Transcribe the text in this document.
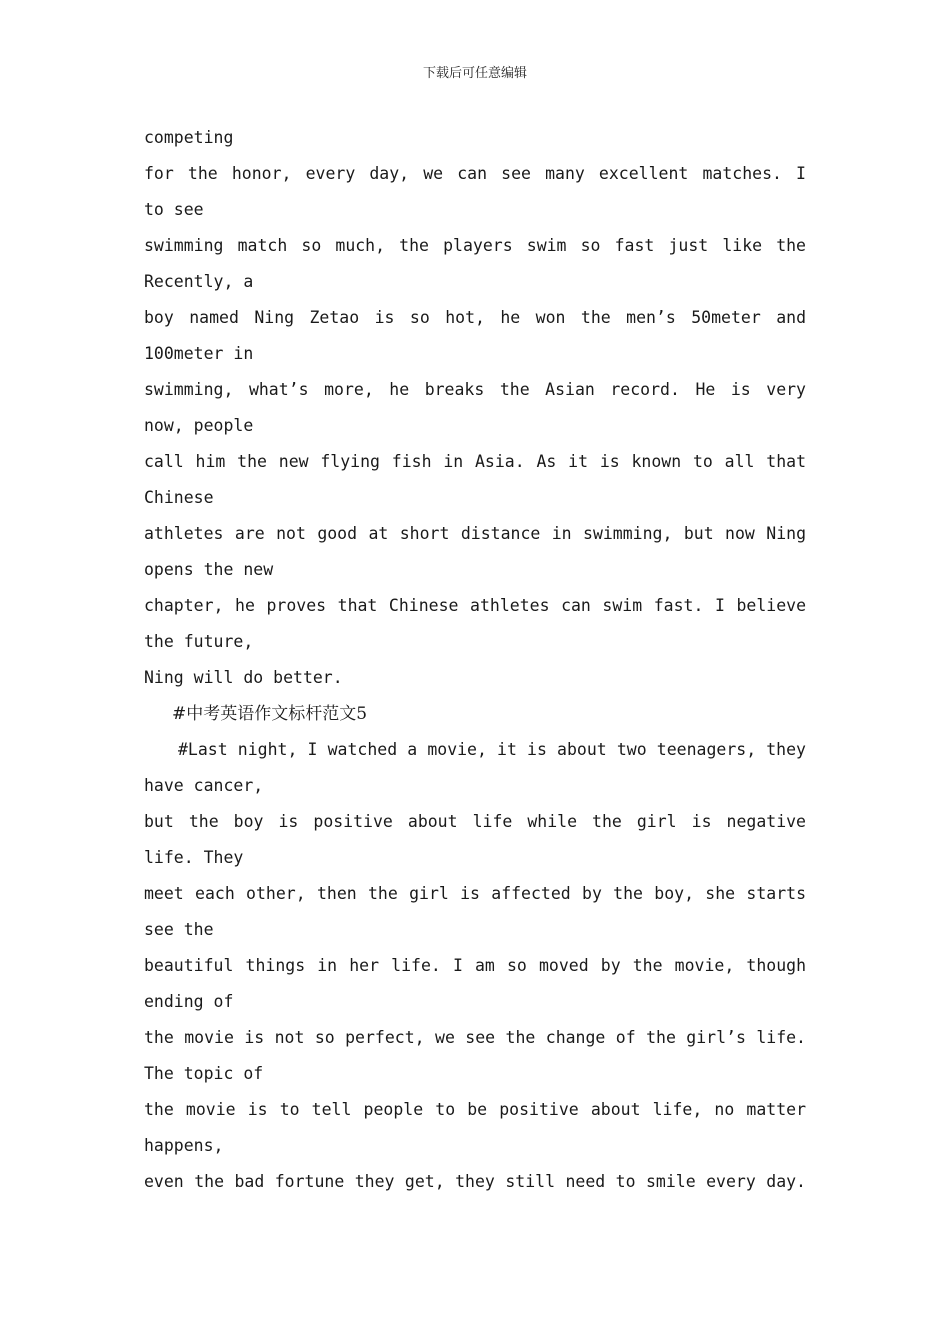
下载后可任意编辑
competing
for the honor, every day, we can see many excellent matches. I
to see
swimming match so much, the players swim so fast just like the
Recently, a
boy named Ning Zetao is so hot, he won the men’s 50meter and
100meter in
swimming, what’s more, he breaks the Asian record. He is very
now, people
call him the new flying fish in Asia. As it is known to all that
Chinese
athletes are not good at short distance in swimming, but now Ning
opens the new
chapter, he proves that Chinese athletes can swim fast. I believe
the future,
Ning will do better.
#中考英语作文标杆范文5
#Last night, I watched a movie, it is about two teenagers, they
have cancer,
but the boy is positive about life while the girl is negative
life. They
meet each other, then the girl is affected by the boy, she starts
see the
beautiful things in her life. I am so moved by the movie, though
ending of
the movie is not so perfect, we see the change of the girl’s life.
The topic of
the movie is to tell people to be positive about life, no matter
happens,
even the bad fortune they get, they still need to smile every day.
